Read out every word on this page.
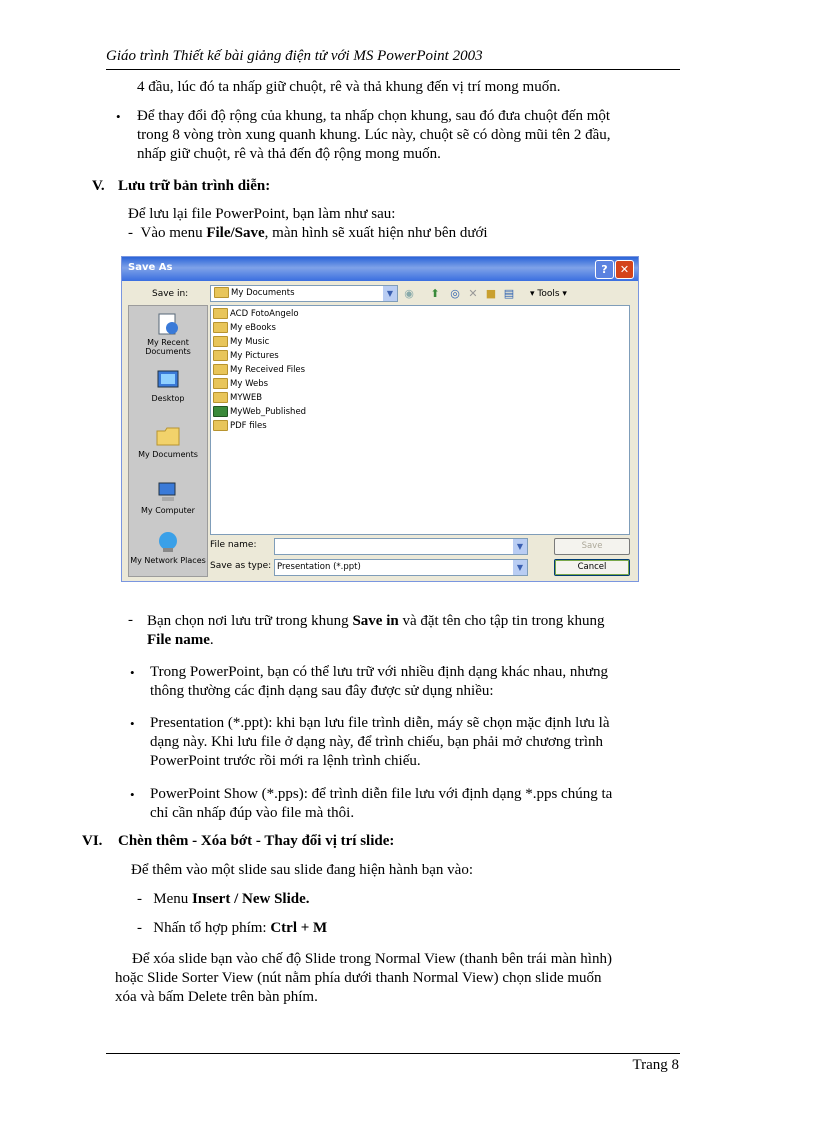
Giáo trình Thiết kế bài giảng điện tử với MS PowerPoint 2003
4 đầu, lúc đó ta nhấp giữ chuột, rê và thả khung đến vị trí mong muốn.
• Để thay đổi độ rộng của khung, ta nhấp chọn khung, sau đó đưa chuột đến một
trong 8 vòng tròn xung quanh khung. Lúc này, chuột sẽ có dòng mũi tên 2 đầu,
nhấp giữ chuột, rê và thả đến độ rộng mong muốn.
V. Lưu trữ bản trình diễn:
Để lưu lại file PowerPoint, bạn làm như sau:
- Vào menu File/Save, màn hình sẽ xuất hiện như bên dưới
Save As	?	✕
Save in:	My Documents	▼	◉ ⬆ ◎ ✕ ■ ▤ ▾ Tools ▾
My Recent Documents
Desktop
My Documents
My Computer
My Network Places
ACD FotoAngelo
My eBooks
My Music
My Pictures
My Received Files
My Webs
MYWEB
MyWeb_Published
PDF files
File name:	▼	Save
Save as type: Presentation (*.ppt)	▼	Cancel
- Bạn chọn nơi lưu trữ trong khung Save in và đặt tên cho tập tin trong khung
File name.
• Trong PowerPoint, bạn có thể lưu trữ với nhiều định dạng khác nhau, nhưng
thông thường các định dạng sau đây được sử dụng nhiều:
• Presentation (*.ppt): khi bạn lưu file trình diễn, máy sẽ chọn mặc định lưu là
dạng này. Khi lưu file ở dạng này, để trình chiếu, bạn phải mở chương trình
PowerPoint trước rồi mới ra lệnh trình chiếu.
• PowerPoint Show (*.pps): để trình diễn file lưu với định dạng *.pps chúng ta
chỉ cần nhấp đúp vào file mà thôi.
VI. Chèn thêm - Xóa bớt - Thay đổi vị trí slide:
Để thêm vào một slide sau slide đang hiện hành bạn vào:
- Menu Insert / New Slide.
- Nhấn tổ hợp phím: Ctrl + M
Để xóa slide bạn vào chế độ Slide trong Normal View (thanh bên trái màn hình)
hoặc Slide Sorter View (nút nằm phía dưới thanh Normal View) chọn slide muốn
xóa và bấm Delete trên bàn phím.
Trang 8
